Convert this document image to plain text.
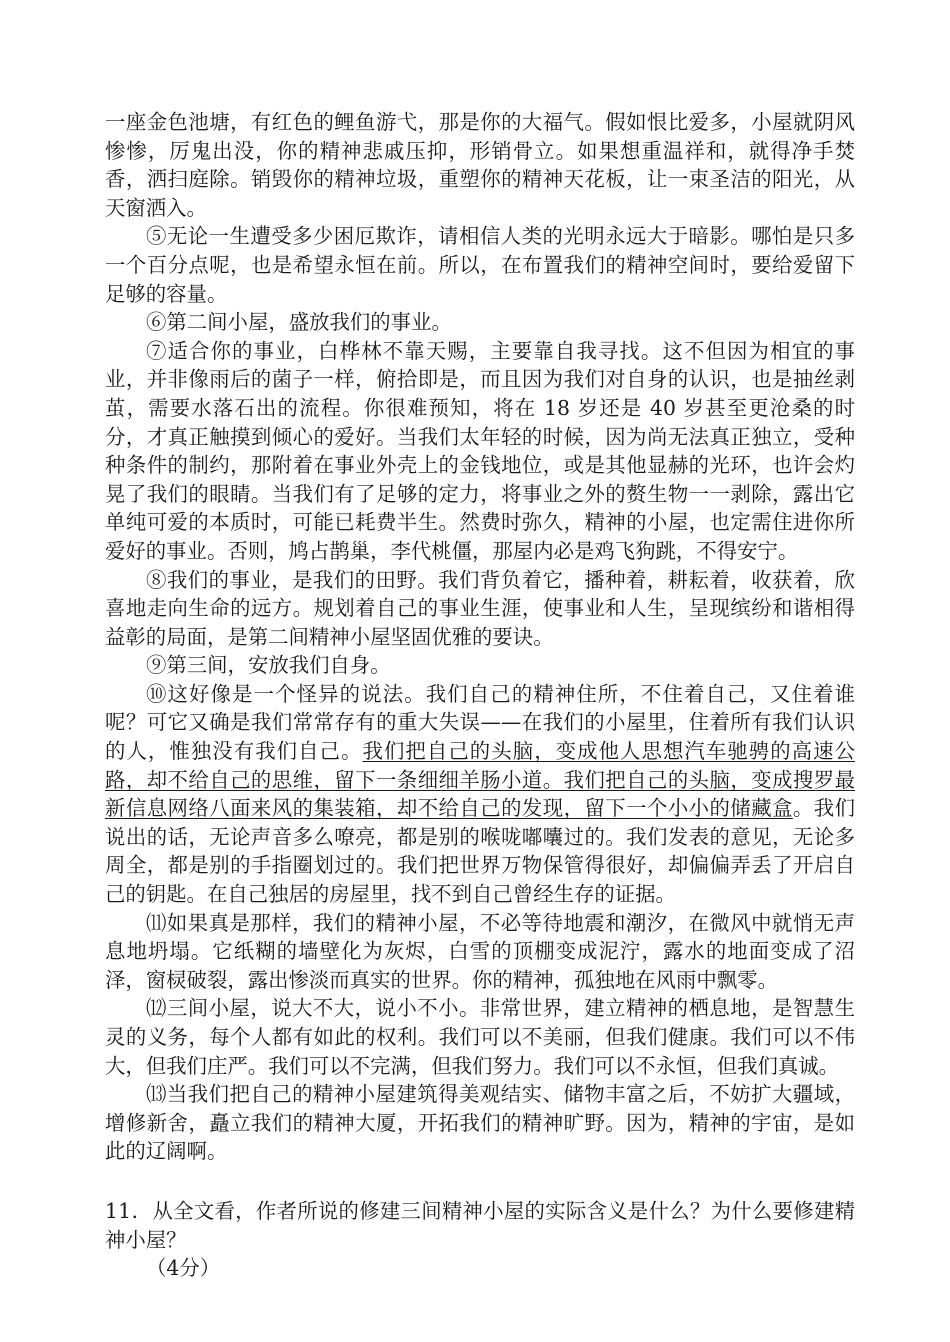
一座金色池塘，有红色的鲤鱼游弋，那是你的大福气。假如恨比爱多，小屋就阴风惨惨，厉鬼出没，你的精神悲戚压抑，形销骨立。如果想重温祥和，就得净手焚香，洒扫庭除。销毁你的精神垃圾，重塑你的精神天花板，让一束圣洁的阳光，从天窗洒入。

⑤无论一生遭受多少困厄欺诈，请相信人类的光明永远大于暗影。哪怕是只多一个百分点呢，也是希望永恒在前。所以，在布置我们的精神空间时，要给爱留下足够的容量。

⑥第二间小屋，盛放我们的事业。

⑦适合你的事业，白桦林不靠天赐，主要靠自我寻找。这不但因为相宜的事业，并非像雨后的菌子一样，俯拾即是，而且因为我们对自身的认识，也是抽丝剥茧，需要水落石出的流程。你很难预知，将在 18 岁还是 40 岁甚至更沧桑的时分，才真正触摸到倾心的爱好。当我们太年轻的时候，因为尚无法真正独立，受种种条件的制约，那附着在事业外壳上的金钱地位，或是其他显赫的光环，也许会灼晃了我们的眼睛。当我们有了足够的定力，将事业之外的赘生物一一剥除，露出它单纯可爱的本质时，可能已耗费半生。然费时弥久，精神的小屋，也定需住进你所爱好的事业。否则，鸠占鹊巢，李代桃僵，那屋内必是鸡飞狗跳，不得安宁。

⑧我们的事业，是我们的田野。我们背负着它，播种着，耕耘着，收获着，欣喜地走向生命的远方。规划着自己的事业生涯，使事业和人生，呈现缤纷和谐相得益彰的局面，是第二间精神小屋坚固优雅的要诀。

⑨第三间，安放我们自身。

⑩这好像是一个怪异的说法。我们自己的精神住所，不住着自己，又住着谁呢？可它又确是我们常常存有的重大失误——在我们的小屋里，住着所有我们认识的人，惟独没有我们自己。我们把自己的头脑，变成他人思想汽车驰骋的高速公路，却不给自己的思维，留下一条细细羊肠小道。我们把自己的头脑，变成搜罗最新信息网络八面来风的集装箱，却不给自己的发现，留下一个小小的储藏盒。我们说出的话，无论声音多么嘹亮，都是别的喉咙嘟囔过的。我们发表的意见，无论多周全，都是别的手指圈划过的。我们把世界万物保管得很好，却偏偏弄丢了开启自己的钥匙。在自己独居的房屋里，找不到自己曾经生存的证据。

⑾如果真是那样，我们的精神小屋，不必等待地震和潮汐，在微风中就悄无声息地坍塌。它纸糊的墙壁化为灰烬，白雪的顶棚变成泥泞，露水的地面变成了沼泽，窗棂破裂，露出惨淡而真实的世界。你的精神，孤独地在风雨中飘零。

⑿三间小屋，说大不大，说小不小。非常世界，建立精神的栖息地，是智慧生灵的义务，每个人都有如此的权利。我们可以不美丽，但我们健康。我们可以不伟大，但我们庄严。我们可以不完满，但我们努力。我们可以不永恒，但我们真诚。

⒀当我们把自己的精神小屋建筑得美观结实、储物丰富之后，不妨扩大疆域，增修新舍，矗立我们的精神大厦，开拓我们的精神旷野。因为，精神的宇宙，是如此的辽阔啊。

11．从全文看，作者所说的修建三间精神小屋的实际含义是什么？为什么要修建精神小屋？
（4分）
